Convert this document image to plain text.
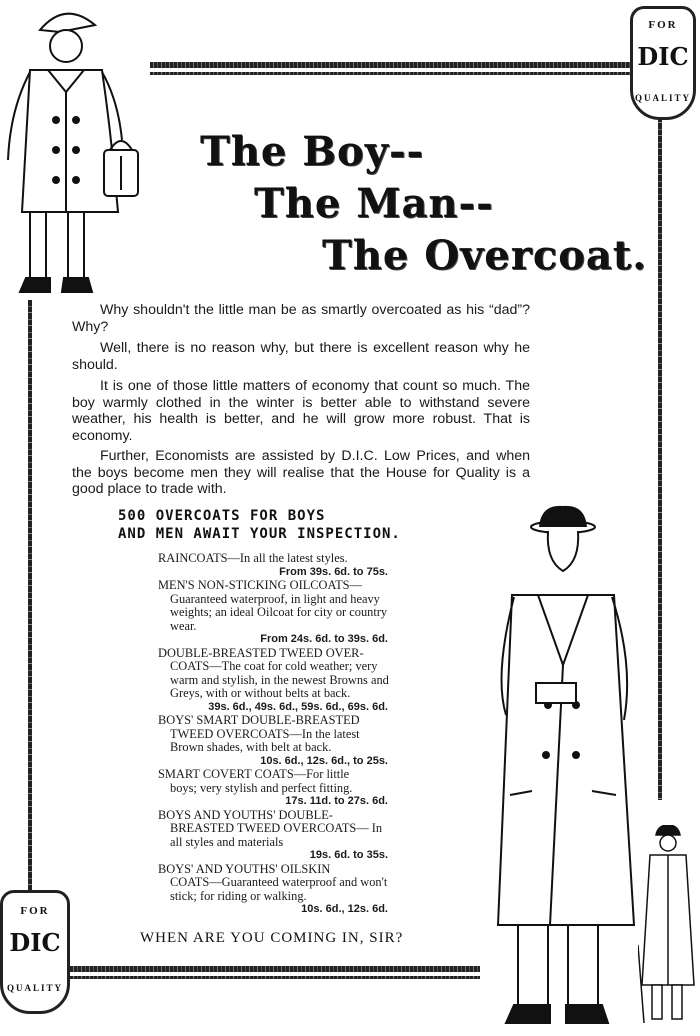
FOR
DIC
QUALITY
FOR
DIC
QUALITY
The Boy--
The Man--
The Overcoat.
Why shouldn't the little man be as smartly overcoated as his “dad”? Why?
Well, there is no reason why, but there is excellent reason why he should.
It is one of those little matters of economy that count so much. The boy warmly clothed in the winter is better able to withstand severe weather, his health is better, and he will grow more robust. That is economy.
Further, Economists are assisted by D.I.C. Low Prices, and when the boys become men they will realise that the House for Quality is a good place to trade with.
500 OVERCOATS FOR BOYS
AND MEN AWAIT YOUR INSPECTION.
RAINCOATS—In all the latest styles.
From 39s. 6d. to 75s.
MEN'S NON-STICKING OILCOATS—
Guaranteed waterproof, in light and heavy weights; an ideal Oilcoat for city or country wear.
From 24s. 6d. to 39s. 6d.
DOUBLE-BREASTED TWEED OVER-
COATS—The coat for cold weather; very warm and stylish, in the newest Browns and Greys, with or without belts at back.
39s. 6d., 49s. 6d., 59s. 6d., 69s. 6d.
BOYS' SMART DOUBLE-BREASTED
TWEED OVERCOATS—In the latest Brown shades, with belt at back.
10s. 6d., 12s. 6d., to 25s.
SMART COVERT COATS—For little
boys; very stylish and perfect fitting.
17s. 11d. to 27s. 6d.
BOYS AND YOUTHS' DOUBLE-
BREASTED TWEED OVERCOATS— In all styles and materials
19s. 6d. to 35s.
BOYS' AND YOUTHS' OILSKIN
COATS—Guaranteed waterproof and won't stick; for riding or walking.
10s. 6d., 12s. 6d.
WHEN ARE YOU COMING IN, SIR?
